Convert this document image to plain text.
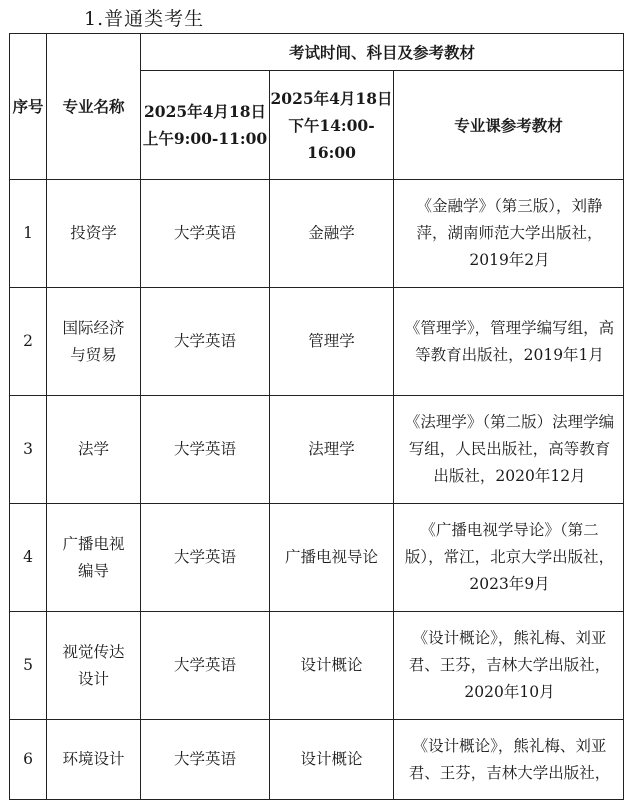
1.普通类考生
序号	专业名称	考试时间、科目及参考教材		
		2025年4月18日上午9:00-11:00	2025年4月18日下午14:00-16:00	专业课参考教材
1	投资学	大学英语	金融学	《金融学》（第三版），刘静萍，湖南师范大学出版社，2019年2月
2	国际经济与贸易	大学英语	管理学	《管理学》，管理学编写组，高等教育出版社，2019年1月
3	法学	大学英语	法理学	《法理学》（第二版）法理学编写组，人民出版社，高等教育出版社，2020年12月
4	广播电视编导	大学英语	广播电视导论	《广播电视学导论》（第二版），常江，北京大学出版社，2023年9月
5	视觉传达设计	大学英语	设计概论	《设计概论》，熊礼梅、刘亚君、王芬，吉林大学出版社，2020年10月
6	环境设计	大学英语	设计概论	《设计概论》，熊礼梅、刘亚君、王芬，吉林大学出版社，
